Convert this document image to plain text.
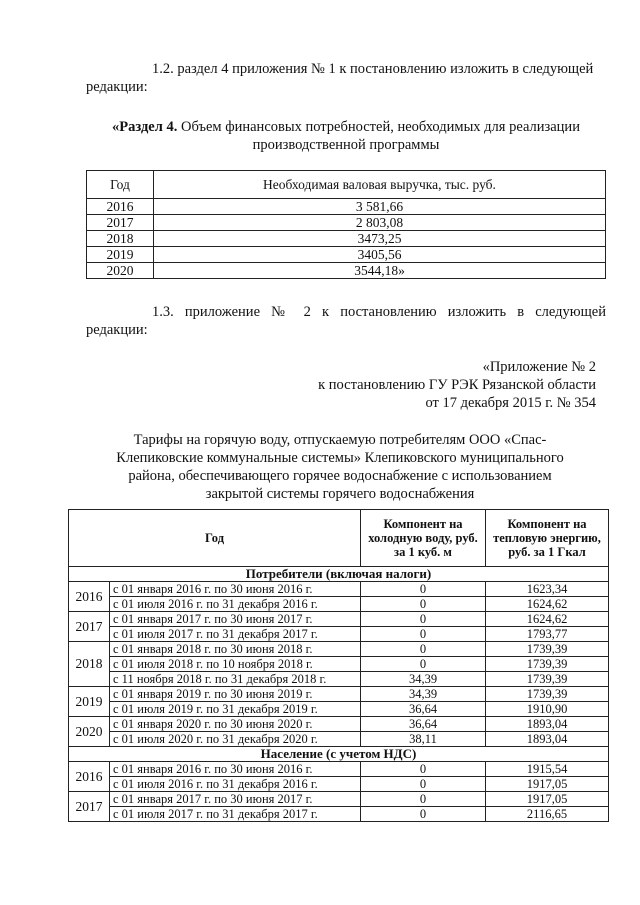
1.2. раздел 4 приложения № 1 к постановлению изложить в следующей
редакции:
«Раздел 4. Объем финансовых потребностей, необходимых для реализации
производственной программы
Год	Необходимая валовая выручка, тыс. руб.
2016	3 581,66
2017	2 803,08
2018	3473,25
2019	3405,56
2020	3544,18»
1.3. приложение № 2 к постановлению изложить в следующей
редакции:
«Приложение № 2
к постановлению ГУ РЭК Рязанской области
от 17 декабря 2015 г. № 354
Тарифы на горячую воду, отпускаемую потребителям ООО «Спас-
Клепиковские коммунальные системы» Клепиковского муниципального
района, обеспечивающего горячее водоснабжение с использованием
закрытой системы горячего водоснабжения
Год		Компонент на холодную воду, руб. за 1 куб. м	Компонент на тепловую энергию, руб. за 1 Гкал
Потребители (включая налоги)			
2016	с 01 января 2016 г. по 30 июня 2016 г.	0	1623,34
	с 01 июля 2016 г. по 31 декабря 2016 г.	0	1624,62
2017	с 01 января 2017 г. по 30 июня 2017 г.	0	1624,62
	с 01 июля 2017 г. по 31 декабря 2017 г.	0	1793,77
2018	с 01 января 2018 г. по 30 июня 2018 г.	0	1739,39
	с 01 июля 2018 г. по 10 ноября 2018 г.	0	1739,39
	с 11 ноября 2018 г. по 31 декабря 2018 г.	34,39	1739,39
2019	с 01 января 2019 г. по 30 июня 2019 г.	34,39	1739,39
	с 01 июля 2019 г. по 31 декабря 2019 г.	36,64	1910,90
2020	с 01 января 2020 г. по 30 июня 2020 г.	36,64	1893,04
	с 01 июля 2020 г. по 31 декабря 2020 г.	38,11	1893,04
Население (с учетом НДС)			
2016	с 01 января 2016 г. по 30 июня 2016 г.	0	1915,54
	с 01 июля 2016 г. по 31 декабря 2016 г.	0	1917,05
2017	с 01 января 2017 г. по 30 июня 2017 г.	0	1917,05
	с 01 июля 2017 г. по 31 декабря 2017 г.	0	2116,65
